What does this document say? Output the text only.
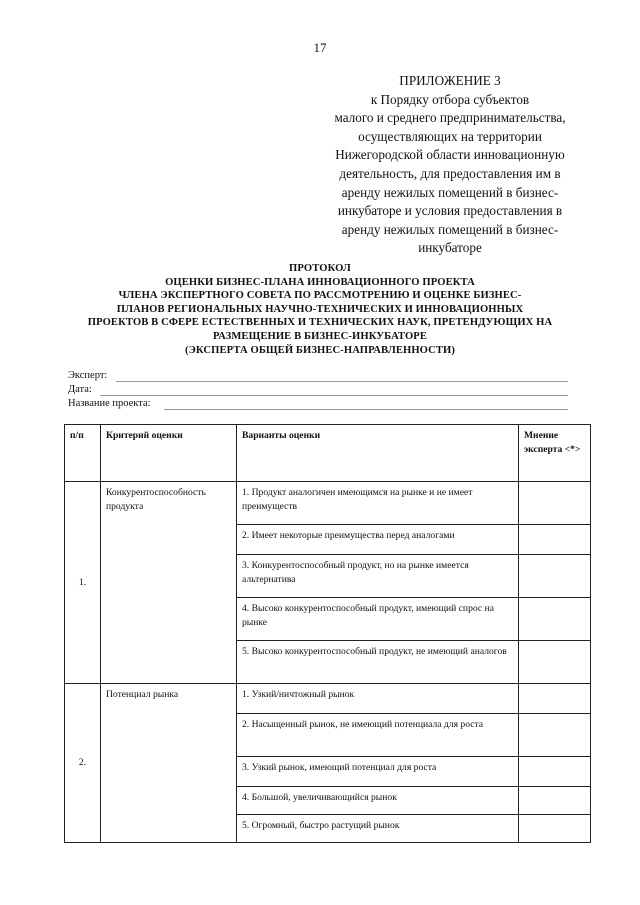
17
ПРИЛОЖЕНИЕ 3
к Порядку отбора субъектов
малого и среднего предпринимательства,
осуществляющих на территории
Нижегородской области инновационную
деятельность, для предоставления им в
аренду нежилых помещений в бизнес-
инкубаторе и условия предоставления в
аренду нежилых помещений в бизнес-
инкубаторе
ПРОТОКОЛ
ОЦЕНКИ БИЗНЕС-ПЛАНА ИННОВАЦИОННОГО ПРОЕКТА
ЧЛЕНА ЭКСПЕРТНОГО СОВЕТА ПО РАССМОТРЕНИЮ И ОЦЕНКЕ БИЗНЕС-
ПЛАНОВ РЕГИОНАЛЬНЫХ НАУЧНО-ТЕХНИЧЕСКИХ И ИННОВАЦИОННЫХ
ПРОЕКТОВ В СФЕРЕ ЕСТЕСТВЕННЫХ И ТЕХНИЧЕСКИХ НАУК, ПРЕТЕНДУЮЩИХ НА
РАЗМЕЩЕНИЕ В БИЗНЕС-ИНКУБАТОРЕ
(ЭКСПЕРТА ОБЩЕЙ БИЗНЕС-НАПРАВЛЕННОСТИ)
Эксперт:
Дата:
Название проекта:
п/п	Критерий оценки	Варианты оценки	Мнение эксперта <*>
1.	Конкурентоспособность продукта	1. Продукт аналогичен имеющимся на рынке и не имеет преимуществ	
		2. Имеет некоторые преимущества перед аналогами	
		3. Конкурентоспособный продукт, но на рынке имеется альтернатива	
		4. Высоко конкурентоспособный продукт, имеющий спрос на рынке	
		5. Высоко конкурентоспособный продукт, не имеющий аналогов	
2.	Потенциал рынка	1. Узкий/ничтожный рынок	
		2. Насыщенный рынок, не имеющий потенциала для роста	
		3. Узкий рынок, имеющий потенциал для роста	
		4. Большой, увеличивающийся рынок	
		5. Огромный, быстро растущий рынок	
